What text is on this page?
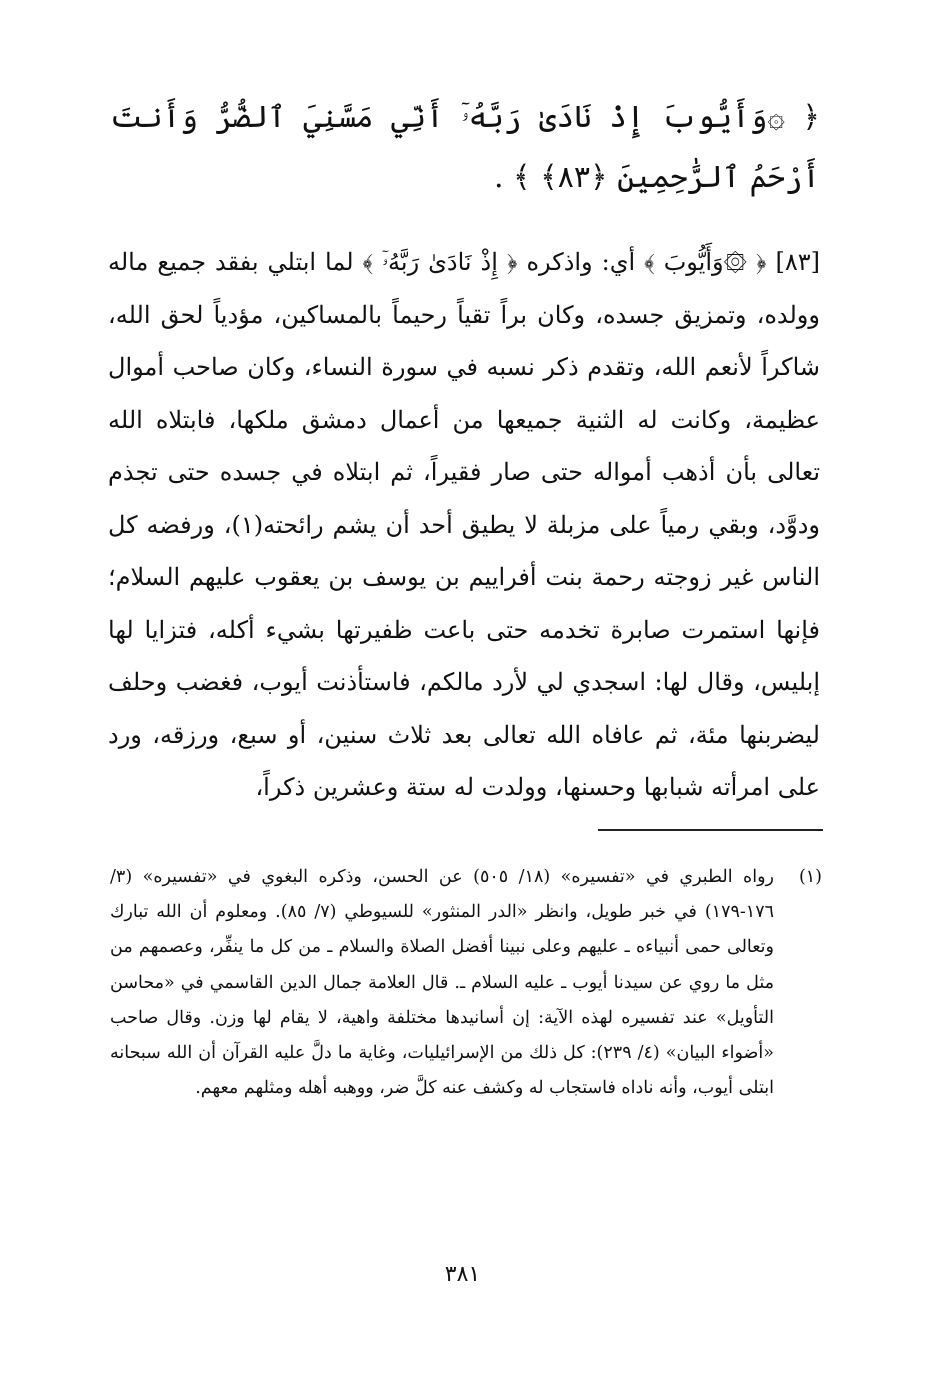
﴿ ۞وَأَيُّوبَ إِذْ نَادَىٰ رَبَّهُۥٓ أَنِّي مَسَّنِيَ ٱلضُّرُّ وَأَنتَ أَرْحَمُ ٱلرَّٰحِمِينَ ﴿٨٣﴾ ﴾ .

[٨٣] ﴿ ۞وَأَيُّوبَ ﴾ أي: واذكره ﴿ إِذْ نَادَىٰ رَبَّهُۥٓ ﴾ لما ابتلي بفقد جميع ماله وولده، وتمزيق جسده، وكان براً تقياً رحيماً بالمساكين، مؤدياً لحق الله، شاكراً لأنعم الله، وتقدم ذكر نسبه في سورة النساء، وكان صاحب أموال عظيمة، وكانت له الثنية جميعها من أعمال دمشق ملكها، فابتلاه الله تعالى بأن أذهب أمواله حتى صار فقيراً، ثم ابتلاه في جسده حتى تجذم ودوَّد، وبقي رمياً على مزبلة لا يطيق أحد أن يشم رائحته(١)، ورفضه كل الناس غير زوجته رحمة بنت أفراييم بن يوسف بن يعقوب عليهم السلام؛ فإنها استمرت صابرة تخدمه حتى باعت ظفيرتها بشيء أكله، فتزايا لها إبليس، وقال لها: اسجدي لي لأرد مالكم، فاستأذنت أيوب، فغضب وحلف ليضربنها مئة، ثم عافاه الله تعالى بعد ثلاث سنين، أو سبع، ورزقه، ورد على امرأته شبابها وحسنها، وولدت له ستة وعشرين ذكراً،

(١)
رواه الطبري في «تفسيره» (١٨/ ٥٠٥) عن الحسن، وذكره البغوي في «تفسيره» (٣/ ١٧٦-١٧٩) في خبر طويل، وانظر «الدر المنثور» للسيوطي (٧/ ٨٥). ومعلوم أن الله تبارك وتعالى حمى أنبياءه ـ عليهم وعلى نبينا أفضل الصلاة والسلام ـ من كل ما ينفِّر، وعصمهم من مثل ما روي عن سيدنا أيوب ـ عليه السلام ـ. قال العلامة جمال الدين القاسمي في «محاسن التأويل» عند تفسيره لهذه الآية: إن أسانيدها مختلفة واهية، لا يقام لها وزن. وقال صاحب «أضواء البيان» (٤/ ٢٣٩): كل ذلك من الإسرائيليات، وغاية ما دلَّ عليه القرآن أن الله سبحانه ابتلى أيوب، وأنه ناداه فاستجاب له وكشف عنه كلَّ ضر، ووهبه أهله ومثلهم معهم.
٣٨١
